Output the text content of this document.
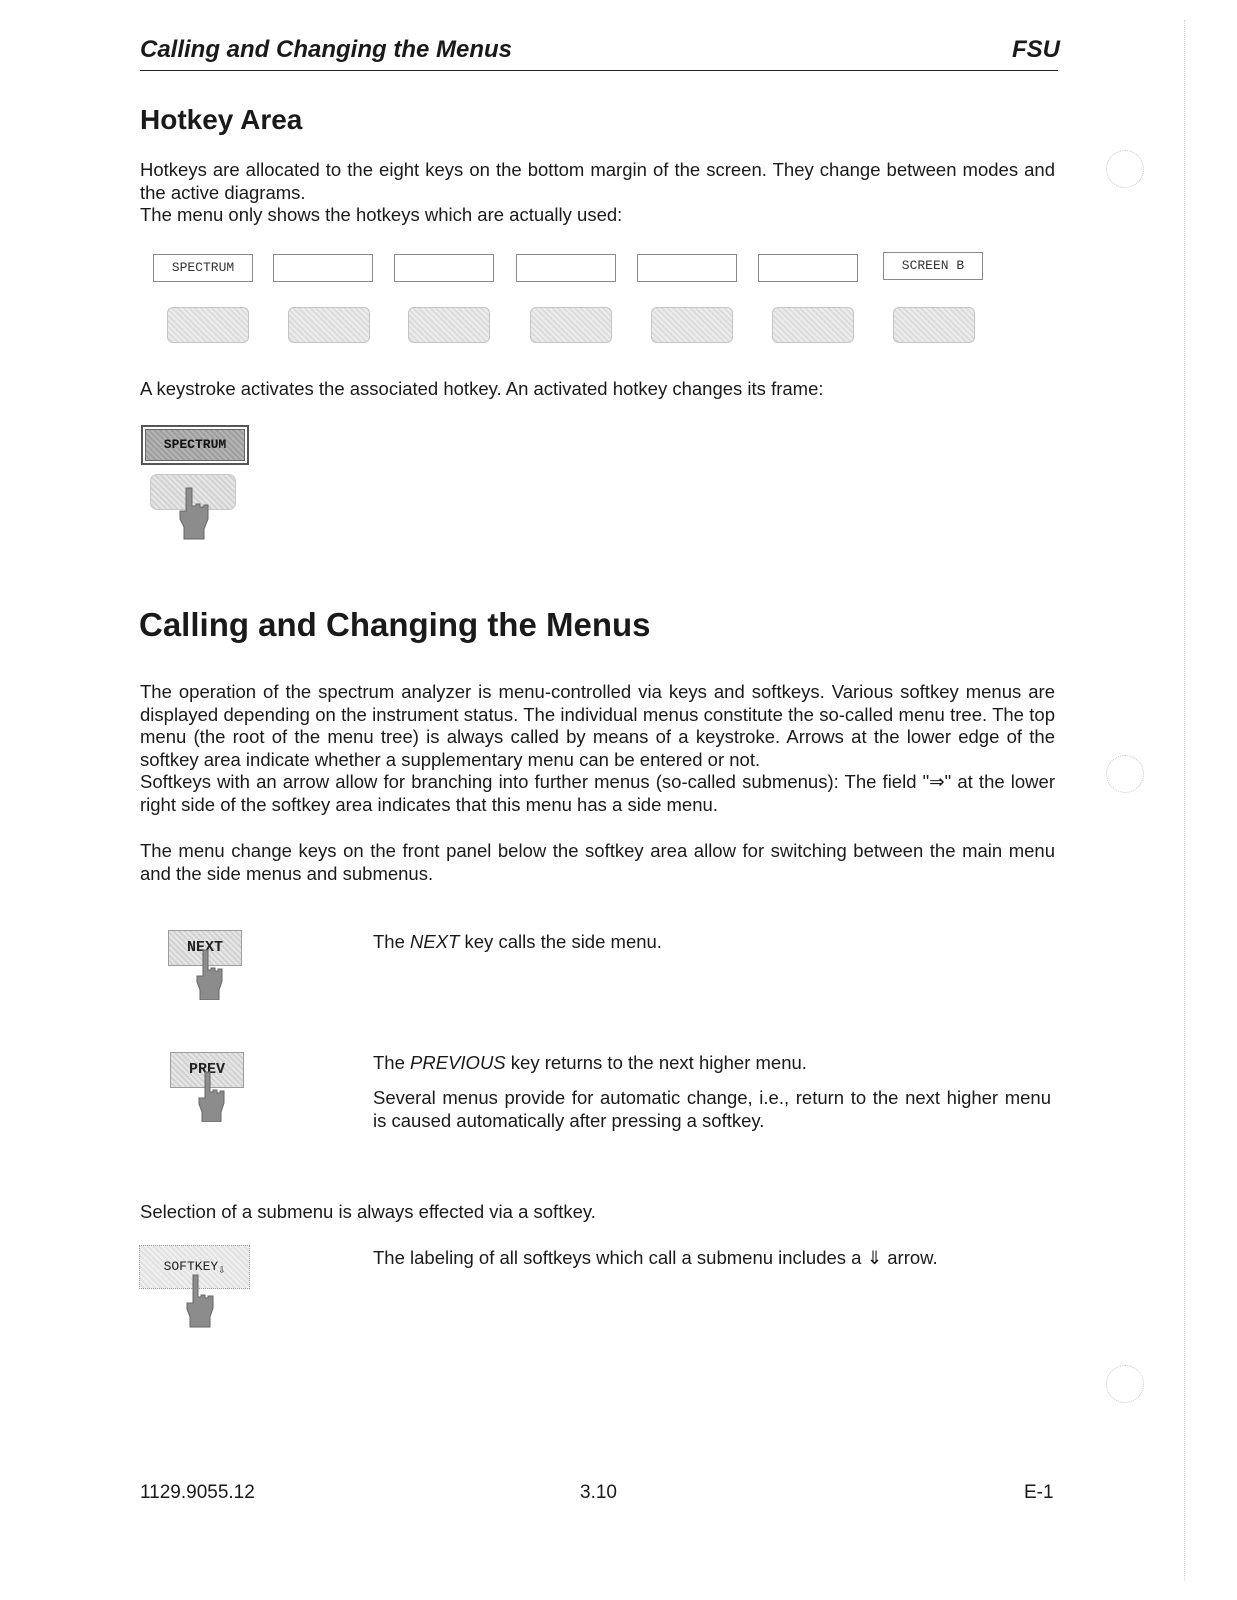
Calling and Changing the Menus	FSU
Hotkey Area
Hotkeys are allocated to the eight keys on the bottom margin of the screen. They change between modes and the active diagrams.
The menu only shows the hotkeys which are actually used:
SPECTRUM	SCREEN B
A keystroke activates the associated hotkey. An activated hotkey changes its frame:
SPECTRUM
Calling and Changing the Menus
The operation of the spectrum analyzer is menu-controlled via keys and softkeys. Various softkey menus are displayed depending on the instrument status. The individual menus constitute the so-called menu tree. The top menu (the root of the menu tree) is always called by means of a keystroke. Arrows at the lower edge of the softkey area indicate whether a supplementary menu can be entered or not.
Softkeys with an arrow allow for branching into further menus (so-called submenus): The field "⇒" at the lower right side of the softkey area indicates that this menu has a side menu.
The menu change keys on the front panel below the softkey area allow for switching between the main menu and the side menus and submenus.
NEXT	The NEXT key calls the side menu.
PREV	The PREVIOUS key returns to the next higher menu.
Several menus provide for automatic change, i.e., return to the next higher menu is caused automatically after pressing a softkey.
Selection of a submenu is always effected via a softkey.
SOFTKEY⇩
The labeling of all softkeys which call a submenu includes a ⇓ arrow.
1129.9055.12	3.10	E-1
